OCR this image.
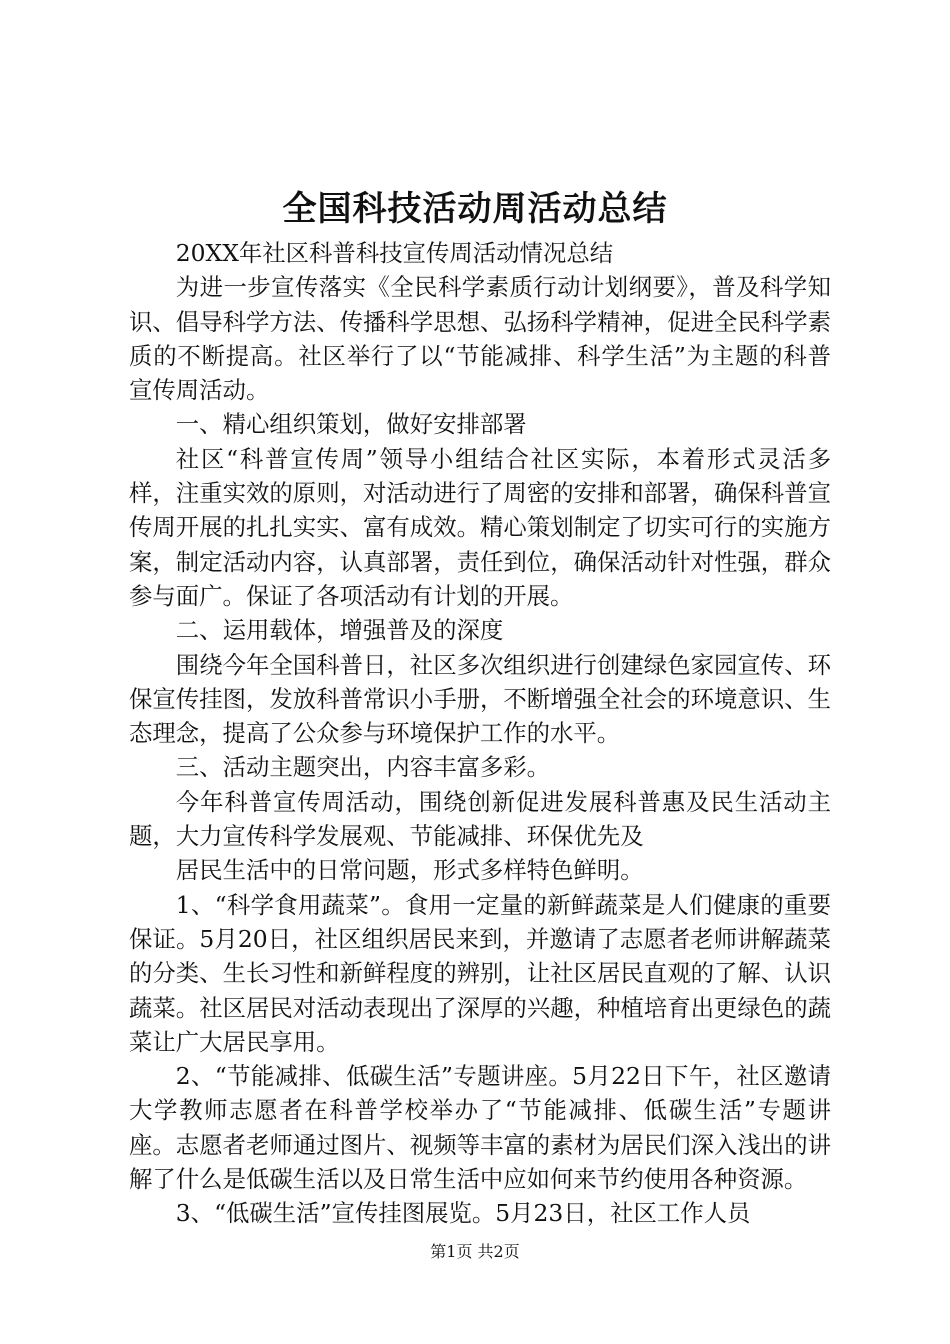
全国科技活动周活动总结

20XX年社区科普科技宣传周活动情况总结

为进一步宣传落实《全民科学素质行动计划纲要》，普及科学知识、倡导科学方法、传播科学思想、弘扬科学精神，促进全民科学素质的不断提高。社区举行了以“节能减排、科学生活”为主题的科普宣传周活动。

一、精心组织策划，做好安排部署

社区“科普宣传周”领导小组结合社区实际，本着形式灵活多样，注重实效的原则，对活动进行了周密的安排和部署，确保科普宣传周开展的扎扎实实、富有成效。精心策划制定了切实可行的实施方案，制定活动内容，认真部署，责任到位，确保活动针对性强，群众参与面广。保证了各项活动有计划的开展。

二、运用载体，增强普及的深度

围绕今年全国科普日，社区多次组织进行创建绿色家园宣传、环保宣传挂图，发放科普常识小手册，不断增强全社会的环境意识、生态理念，提高了公众参与环境保护工作的水平。

三、活动主题突出，内容丰富多彩。

今年科普宣传周活动，围绕创新促进发展科普惠及民生活动主题，大力宣传科学发展观、节能减排、环保优先及

居民生活中的日常问题，形式多样特色鲜明。

1、“科学食用蔬菜”。食用一定量的新鲜蔬菜是人们健康的重要保证。5月20日，社区组织居民来到，并邀请了志愿者老师讲解蔬菜的分类、生长习性和新鲜程度的辨别，让社区居民直观的了解、认识蔬菜。社区居民对活动表现出了深厚的兴趣，种植培育出更绿色的蔬菜让广大居民享用。

2、“节能减排、低碳生活”专题讲座。5月22日下午，社区邀请大学教师志愿者在科普学校举办了“节能减排、低碳生活”专题讲座。志愿者老师通过图片、视频等丰富的素材为居民们深入浅出的讲解了什么是低碳生活以及日常生活中应如何来节约使用各种资源。

3、“低碳生活”宣传挂图展览。5月23日，社区工作人员

第1页 共2页
